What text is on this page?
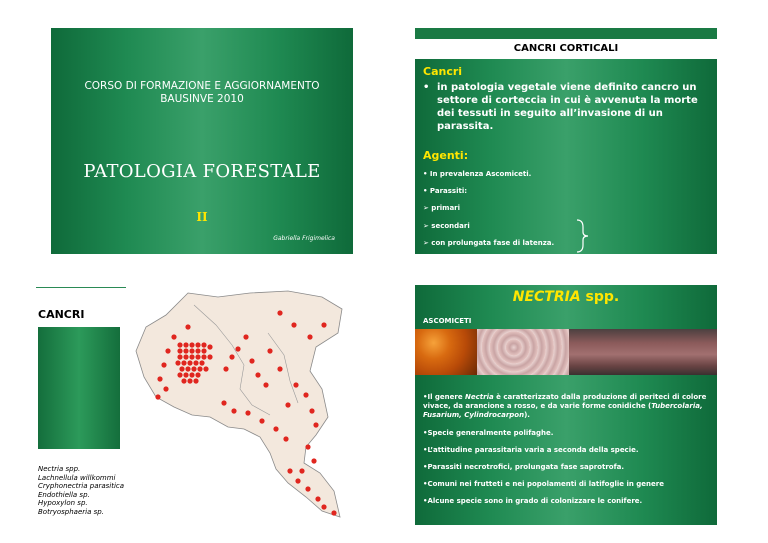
CORSO DI FORMAZIONE E AGGIORNAMENTO
BAUSINVE 2010
PATOLOGIA FORESTALE
II
Gabriella Frigimelica
CANCRI CORTICALI
Cancri
• in patologia vegetale viene definito cancro un settore di corteccia in cui è avvenuta la morte dei tessuti in seguito all’invasione di un parassita.
Agenti:
• In prevalenza Ascomiceti.
• Parassiti:
➢ primari
➢ secondari
➢ con prolungata fase di latenza.
CANCRI
Nectria spp.
Lachnellula willkommi
Cryphonectria parasitica
Endothiella sp.
Hypoxylon sp.
Botryosphaeria sp.
NECTRIA spp.
ASCOMICETI
•Il genere Nectria è caratterizzato dalla produzione di periteci di colore vivace, da arancione a rosso, e da varie forme conidiche (Tubercolaria, Fusarium, Cylindrocarpon).
•Specie generalmente polifaghe.
•L’attitudine parassitaria varia a seconda della specie.
•Parassiti necrotrofici, prolungata fase saprotrofa.
•Comuni nei frutteti e nei popolamenti di latifoglie in genere
•Alcune specie sono in grado di colonizzare le conifere.
